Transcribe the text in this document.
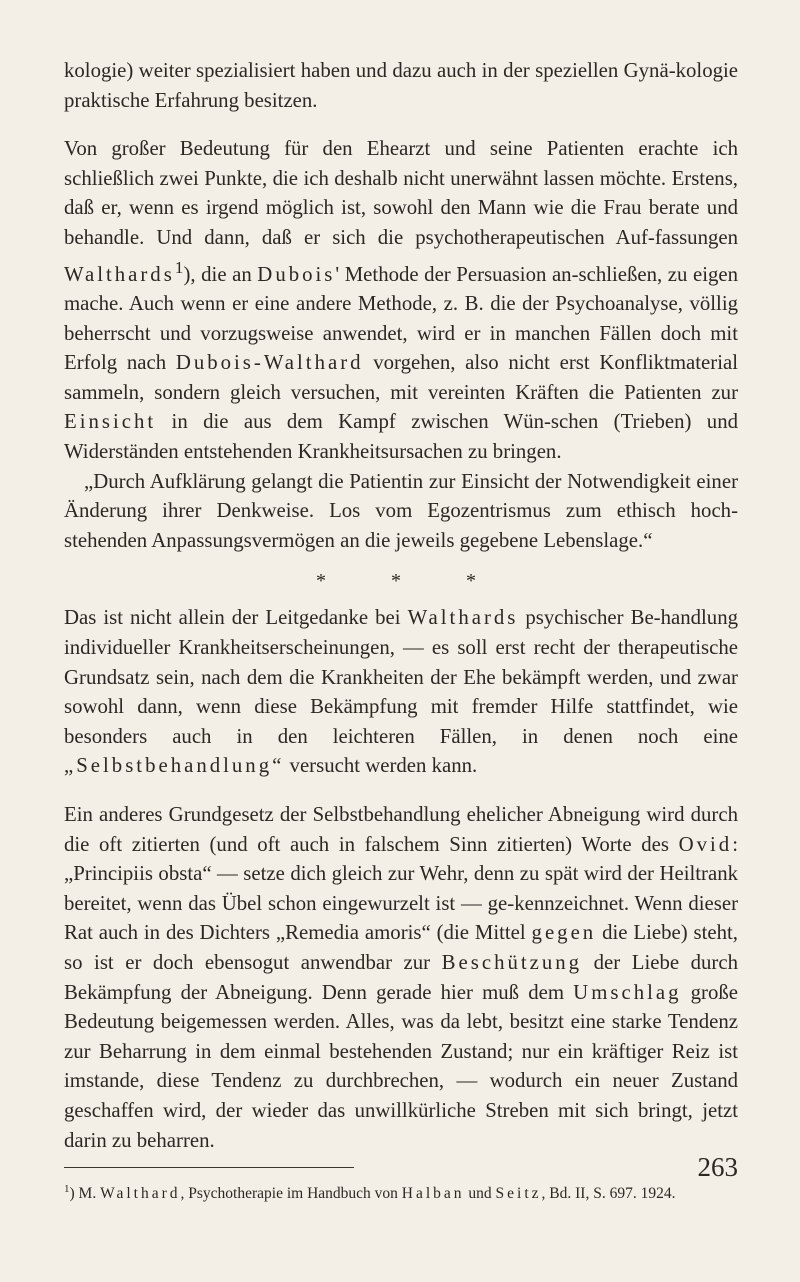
kologie) weiter spezialisiert haben und dazu auch in der speziellen Gynä-kologie praktische Erfahrung besitzen.

Von großer Bedeutung für den Ehearzt und seine Patienten erachte ich schließlich zwei Punkte, die ich deshalb nicht unerwähnt lassen möchte. Erstens, daß er, wenn es irgend möglich ist, sowohl den Mann wie die Frau berate und behandle. Und dann, daß er sich die psychotherapeutischen Auf-fassungen Walthards$^1$), die an Dubois' Methode der Persuasion an-schließen, zu eigen mache. Auch wenn er eine andere Methode, z. B. die der Psychoanalyse, völlig beherrscht und vorzugsweise anwendet, wird er in manchen Fällen doch mit Erfolg nach Dubois-Walthard vorgehen, also nicht erst Konfliktmaterial sammeln, sondern gleich versuchen, mit vereinten Kräften die Patienten zur Einsicht in die aus dem Kampf zwischen Wün-schen (Trieben) und Widerständen entstehenden Krankheitsursachen zu bringen.

„Durch Aufklärung gelangt die Patientin zur Einsicht der Notwendigkeit einer Änderung ihrer Denkweise. Los vom Egozentrismus zum ethisch hoch-stehenden Anpassungsvermögen an die jeweils gegebene Lebenslage.“

* * *

Das ist nicht allein der Leitgedanke bei Walthards psychischer Be-handlung individueller Krankheitserscheinungen, — es soll erst recht der therapeutische Grundsatz sein, nach dem die Krankheiten der Ehe bekämpft werden, und zwar sowohl dann, wenn diese Bekämpfung mit fremder Hilfe stattfindet, wie besonders auch in den leichteren Fällen, in denen noch eine „Selbstbehandlung“ versucht werden kann.

Ein anderes Grundgesetz der Selbstbehandlung ehelicher Abneigung wird durch die oft zitierten (und oft auch in falschem Sinn zitierten) Worte des Ovid: „Principiis obsta“ — setze dich gleich zur Wehr, denn zu spät wird der Heiltrank bereitet, wenn das Übel schon eingewurzelt ist — ge-kennzeichnet. Wenn dieser Rat auch in des Dichters „Remedia amoris“ (die Mittel gegen die Liebe) steht, so ist er doch ebensogut anwendbar zur Beschützung der Liebe durch Bekämpfung der Abneigung. Denn gerade hier muß dem Umschlag große Bedeutung beigemessen werden. Alles, was da lebt, besitzt eine starke Tendenz zur Beharrung in dem einmal bestehenden Zustand; nur ein kräftiger Reiz ist imstande, diese Tendenz zu durchbrechen, — wodurch ein neuer Zustand geschaffen wird, der wieder das unwillkürliche Streben mit sich bringt, jetzt darin zu beharren.

$^1$) M. Walthard, Psychotherapie im Handbuch von Halban und Seitz, Bd. II, S. 697. 1924.

263
